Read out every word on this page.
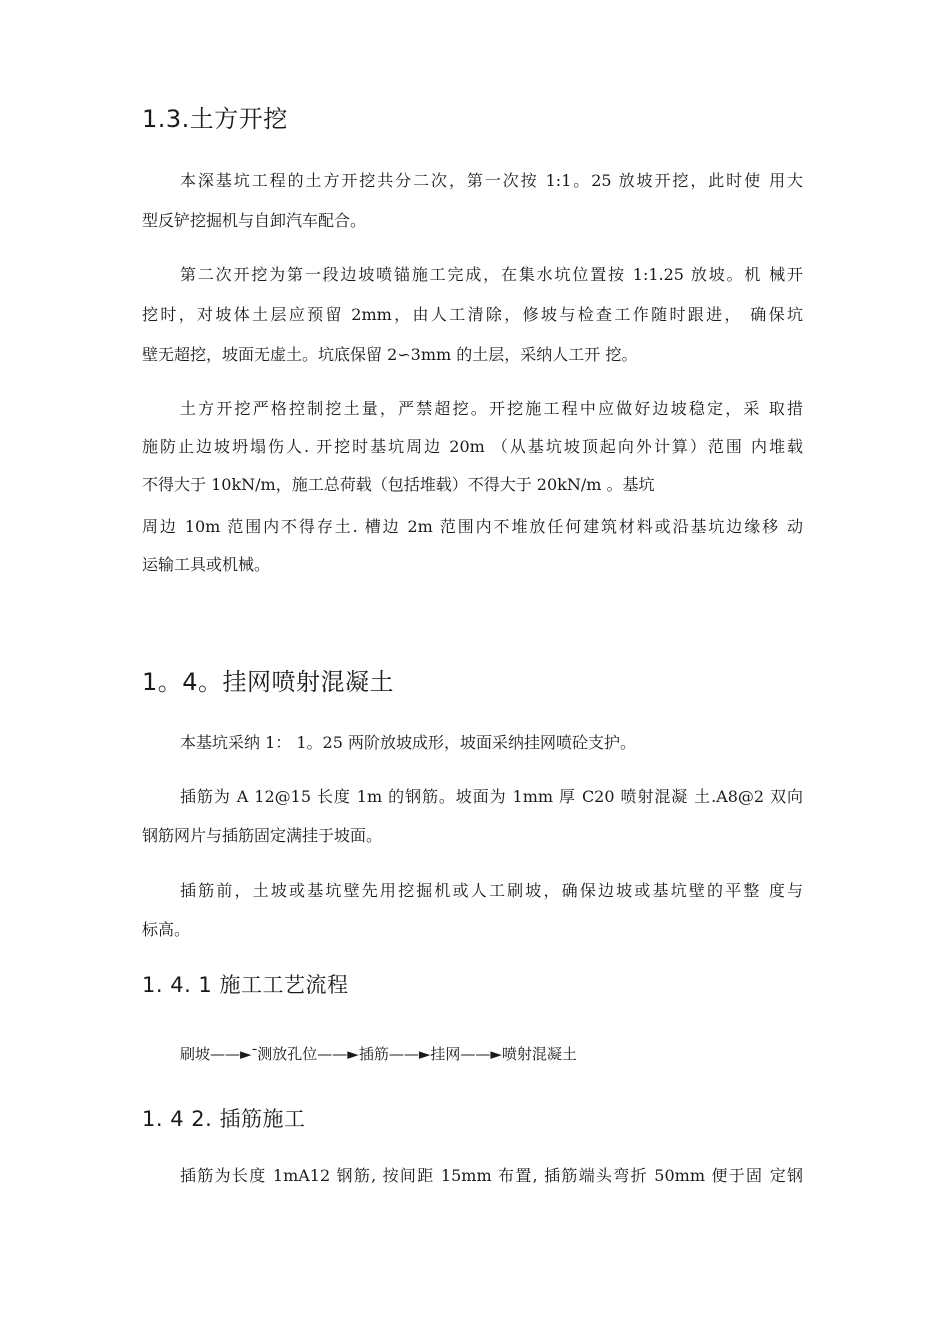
1.3.土方开挖
本深基坑工程的土方开挖共分二次，第一次按 1:1。25 放坡开挖，此时使 用大
型反铲挖掘机与自卸汽车配合。
第二次开挖为第一段边坡喷锚施工完成，在集水坑位置按 1:1.25 放坡。机 械开
挖时，对坡体土层应预留 2mm，由人工清除，修坡与检查工作随时跟进， 确保坑
壁无超挖，坡面无虚土。坑底保留 2∽3mm 的土层，采纳人工开 挖。
土方开挖严格控制挖土量，严禁超挖。开挖施工程中应做好边坡稳定，采 取措
施防止边坡坍塌伤人. 开挖时基坑周边 20m （从基坑坡顶起向外计算）范围 内堆载
不得大于 10kN/m，施工总荷载（包括堆载）不得大于 20kN/m 。基坑
周边 10m 范围内不得存土. 槽边 2m 范围内不堆放任何建筑材料或沿基坑边缘移 动
运输工具或机械。
1。4。挂网喷射混凝土
本基坑采纳 1： 1。25 两阶放坡成形，坡面采纳挂网喷砼支护。
插筋为 A 12@15 长度 1m 的钢筋。坡面为 1mm 厚 C20 喷射混凝 土.A8@2 双向
钢筋网片与插筋固定满挂于坡面。
插筋前，土坡或基坑壁先用挖掘机或人工刷坡，确保边坡或基坑壁的平整 度与
标高。
1. 4. 1 施工工艺流程
刷坡——►־测放孔位——►插筋——►挂网——►喷射混凝土
1. 4 2. 插筋施工
插筋为长度 1mA12 钢筋, 按间距 15mm 布置, 插筋端头弯折 50mm 便于固 定钢
